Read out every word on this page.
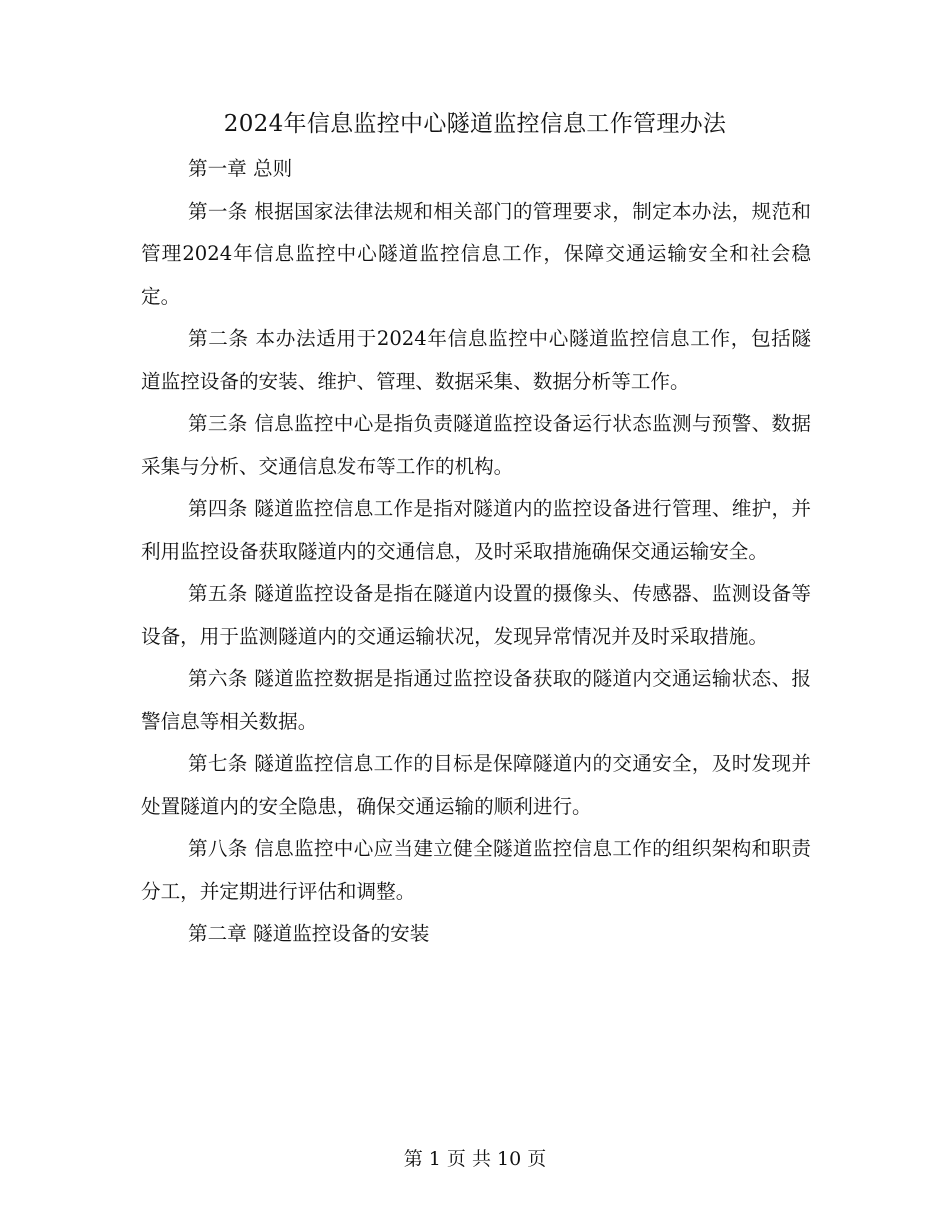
2024年信息监控中心隧道监控信息工作管理办法

第一章 总则

第一条 根据国家法律法规和相关部门的管理要求，制定本办法，规范和管理2024年信息监控中心隧道监控信息工作，保障交通运输安全和社会稳定。

第二条 本办法适用于2024年信息监控中心隧道监控信息工作，包括隧道监控设备的安装、维护、管理、数据采集、数据分析等工作。

第三条 信息监控中心是指负责隧道监控设备运行状态监测与预警、数据采集与分析、交通信息发布等工作的机构。

第四条 隧道监控信息工作是指对隧道内的监控设备进行管理、维护，并利用监控设备获取隧道内的交通信息，及时采取措施确保交通运输安全。

第五条 隧道监控设备是指在隧道内设置的摄像头、传感器、监测设备等设备，用于监测隧道内的交通运输状况，发现异常情况并及时采取措施。

第六条 隧道监控数据是指通过监控设备获取的隧道内交通运输状态、报警信息等相关数据。

第七条 隧道监控信息工作的目标是保障隧道内的交通安全，及时发现并处置隧道内的安全隐患，确保交通运输的顺利进行。

第八条 信息监控中心应当建立健全隧道监控信息工作的组织架构和职责分工，并定期进行评估和调整。

第二章 隧道监控设备的安装

第 1 页 共 10 页
